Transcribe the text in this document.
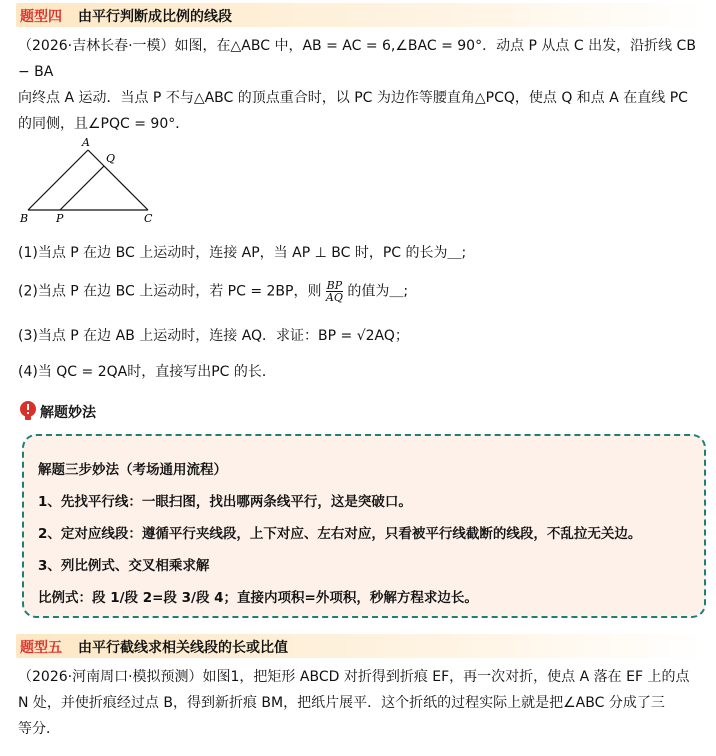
题型四 由平行判断成比例的线段
（2026·吉林长春·一模）如图，在△ABC 中，AB = AC = 6,∠BAC = 90°．动点 P 从点 C 出发，沿折线 CB − BA
向终点 A 运动．当点 P 不与△ABC 的顶点重合时，以 PC 为边作等腰直角△PCQ，使点 Q 和点 A 在直线 PC
的同侧，且∠PQC = 90°．
A
Q
B	P	C
(1)当点 P 在边 BC 上运动时，连接 AP，当 AP ⊥ BC 时，PC 的长为＿;
(2)当点 P 在边 BC 上运动时，若 PC = 2BP，则 $\frac{BP}{AQ}$ 的值为＿;
(3)当点 P 在边 AB 上运动时，连接 AQ．求证：BP = √2AQ；
(4)当 QC = 2QA时，直接写出PC 的长．
解题妙法
解题三步妙法（考场通用流程）
1、先找平行线：一眼扫图，找出哪两条线平行，这是突破口。
2、定对应线段：遵循平行夹线段，上下对应、左右对应，只看被平行线截断的线段，不乱拉无关边。
3、列比例式、交叉相乘求解
比例式：段 1/段 2=段 3/段 4；直接内项积=外项积，秒解方程求边长。
题型五 由平行截线求相关线段的长或比值
（2026·河南周口·模拟预测）如图1，把矩形 ABCD 对折得到折痕 EF，再一次对折，使点 A 落在 EF 上的点
N 处，并使折痕经过点 B，得到新折痕 BM，把纸片展平．这个折纸的过程实际上就是把∠ABC 分成了三
等分．
